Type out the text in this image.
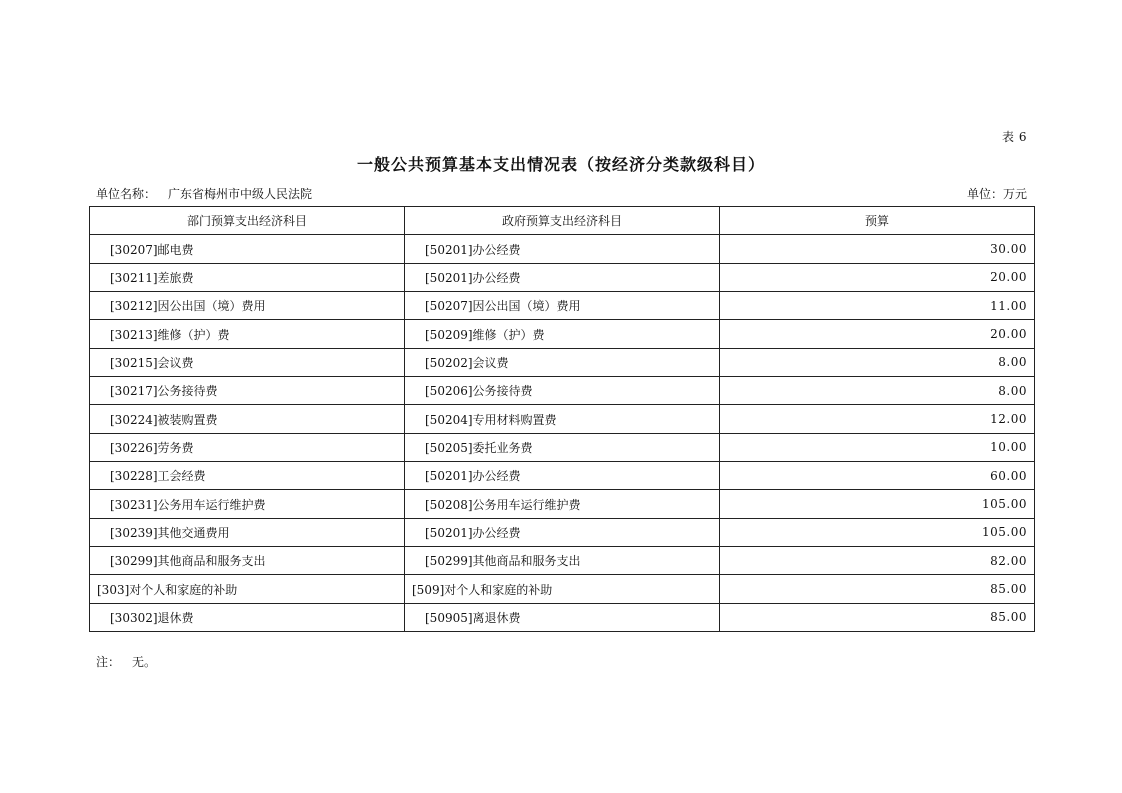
表 6
一般公共预算基本支出情况表（按经济分类款级科目）
单位名称： 广东省梅州市中级人民法院	单位：万元
部门预算支出经济科目	政府预算支出经济科目	预算
[30207]邮电费	[50201]办公经费	30.00
[30211]差旅费	[50201]办公经费	20.00
[30212]因公出国（境）费用	[50207]因公出国（境）费用	11.00
[30213]维修（护）费	[50209]维修（护）费	20.00
[30215]会议费	[50202]会议费	8.00
[30217]公务接待费	[50206]公务接待费	8.00
[30224]被装购置费	[50204]专用材料购置费	12.00
[30226]劳务费	[50205]委托业务费	10.00
[30228]工会经费	[50201]办公经费	60.00
[30231]公务用车运行维护费	[50208]公务用车运行维护费	105.00
[30239]其他交通费用	[50201]办公经费	105.00
[30299]其他商品和服务支出	[50299]其他商品和服务支出	82.00
[303]对个人和家庭的补助	[509]对个人和家庭的补助	85.00
[30302]退休费	[50905]离退休费	85.00
注： 无。
